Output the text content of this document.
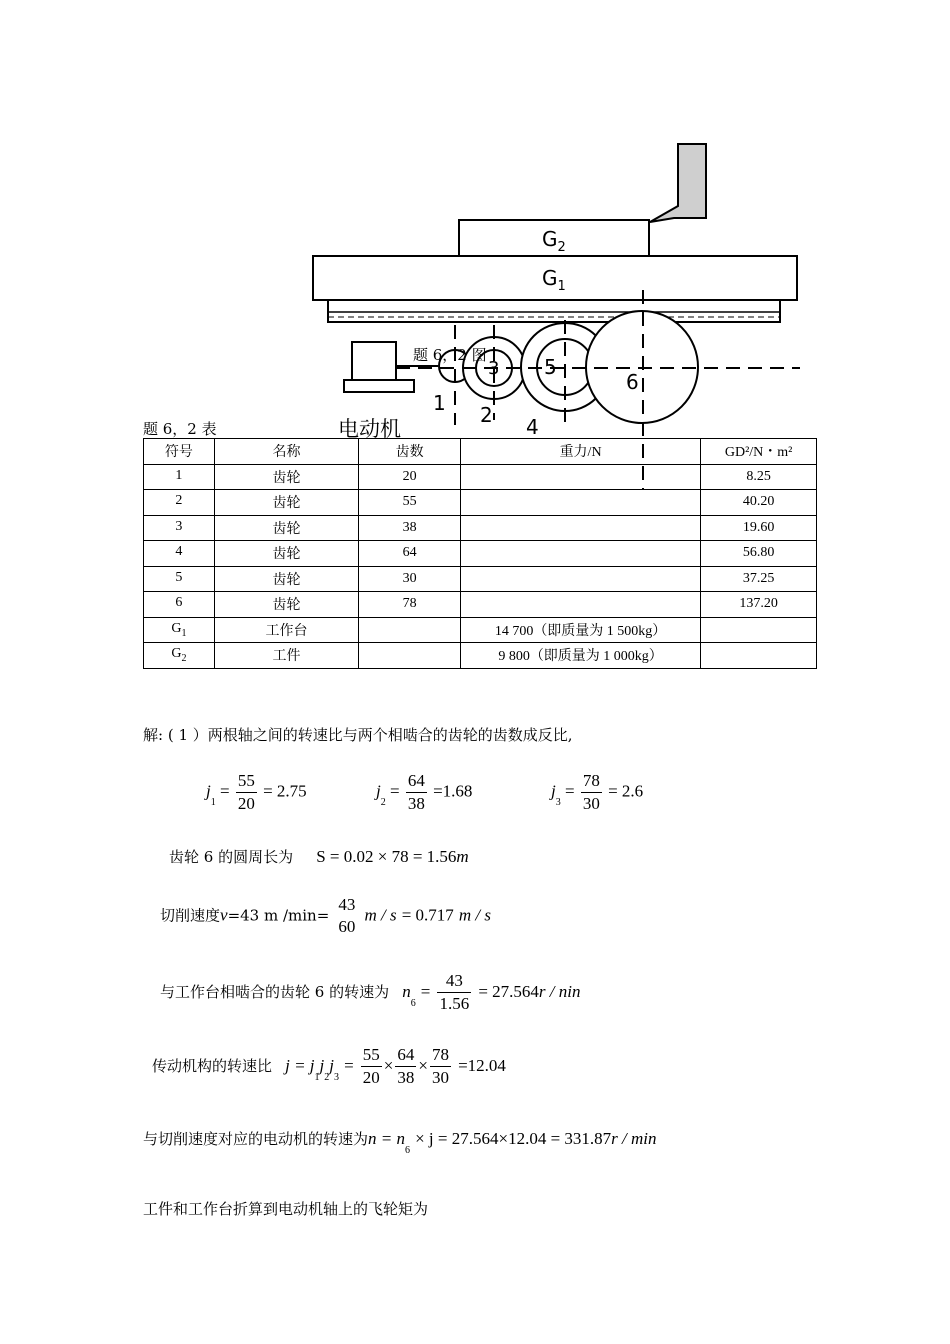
$G_2$
$G_1$
3 5
6
1 2 4
电动机
题 6，2 图
题 6，2 表
符号	名称	齿数	重力/N	GD²/N・m²
1	齿轮	20		8.25
2	齿轮	55		40.20
3	齿轮	38		19.60
4	齿轮	64		56.80
5	齿轮	30		37.25
6	齿轮	78		137.20
$G_1$	工作台		14 700（即质量为 1 500kg）	
$G_2$	工件		9 800（即质量为 1 000kg）	
解: ( 1 ）两根轴之间的转速比与两个相啮合的齿轮的齿数成反比,
$j_1 = \frac{55}{20} = 2.75$	$j_2 = \frac{64}{38} =1.68$	$j_3 = \frac{78}{30} = 2.6$
齿轮 6 的圆周长为 S = 0.02 × 78 = 1.56m
切削速度v=43 m /min=
43
60
m / s = 0.717 m / s
与工作台相啮合的齿轮 6 的转速为 $n_6 = \frac{43}{1.56} = 27.564r$ / nin
传动机构的转速比 $j = j_1j_2j_3 = \frac{55}{20} \times \frac{64}{38} \times \frac{78}{30} =12.04$
与切削速度对应的电动机的转速为$n = n_6 \times j = 27.564\times 12.04 = 331.87r / \min$
工件和工作台折算到电动机轴上的飞轮矩为
